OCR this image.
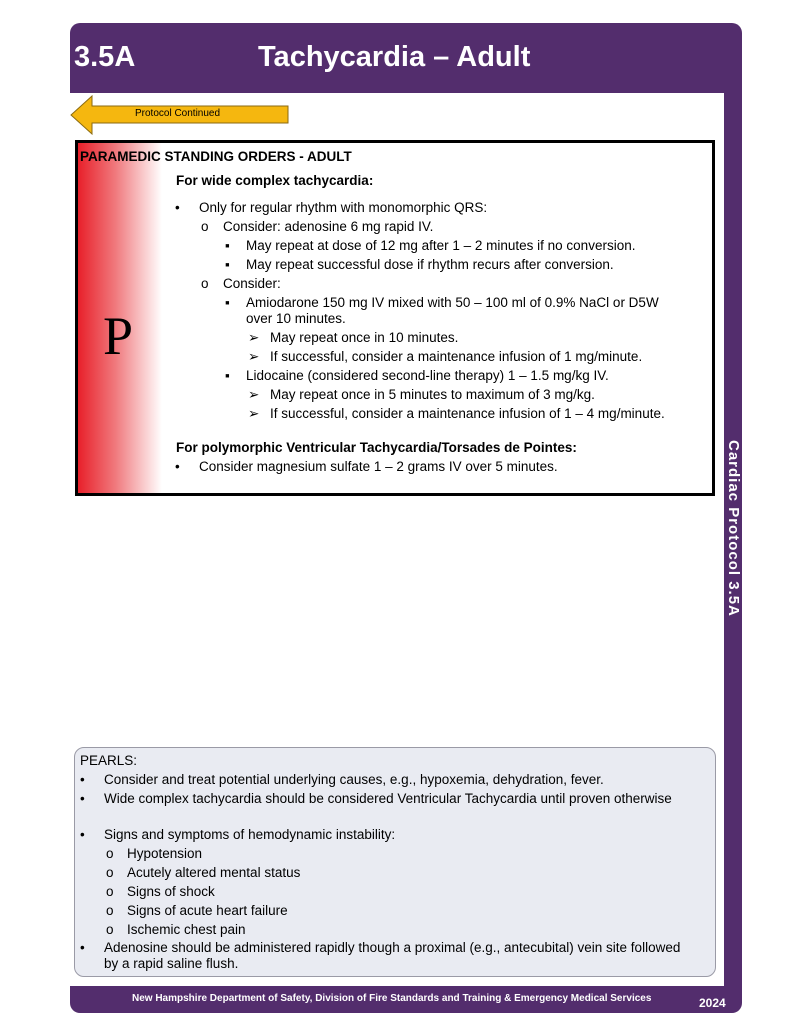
3.5A	Tachycardia – Adult
Cardiac Protocol 3.5A
Protocol Continued
PARAMEDIC STANDING ORDERS - ADULT
P
For wide complex tachycardia:
• Only for regular rhythm with monomorphic QRS:
o Consider: adenosine 6 mg rapid IV.
▪ May repeat at dose of 12 mg after 1 – 2 minutes if no conversion.
▪ May repeat successful dose if rhythm recurs after conversion.
o Consider:
▪ Amiodarone 150 mg IV mixed with 50 – 100 ml of 0.9% NaCl or D5W over 10 minutes.
➢ May repeat once in 10 minutes.
➢ If successful, consider a maintenance infusion of 1 mg/minute.
▪ Lidocaine (considered second-line therapy) 1 – 1.5 mg/kg IV.
➢ May repeat once in 5 minutes to maximum of 3 mg/kg.
➢ If successful, consider a maintenance infusion of 1 – 4 mg/minute.
For polymorphic Ventricular Tachycardia/Torsades de Pointes:
• Consider magnesium sulfate 1 – 2 grams IV over 5 minutes.
PEARLS:
• Consider and treat potential underlying causes, e.g., hypoxemia, dehydration, fever.
• Wide complex tachycardia should be considered Ventricular Tachycardia until proven otherwise
• Signs and symptoms of hemodynamic instability:
o Hypotension
o Acutely altered mental status
o Signs of shock
o Signs of acute heart failure
o Ischemic chest pain
• Adenosine should be administered rapidly though a proximal (e.g., antecubital) vein site followed by a rapid saline flush.
New Hampshire Department of Safety, Division of Fire Standards and Training & Emergency Medical Services	2024
